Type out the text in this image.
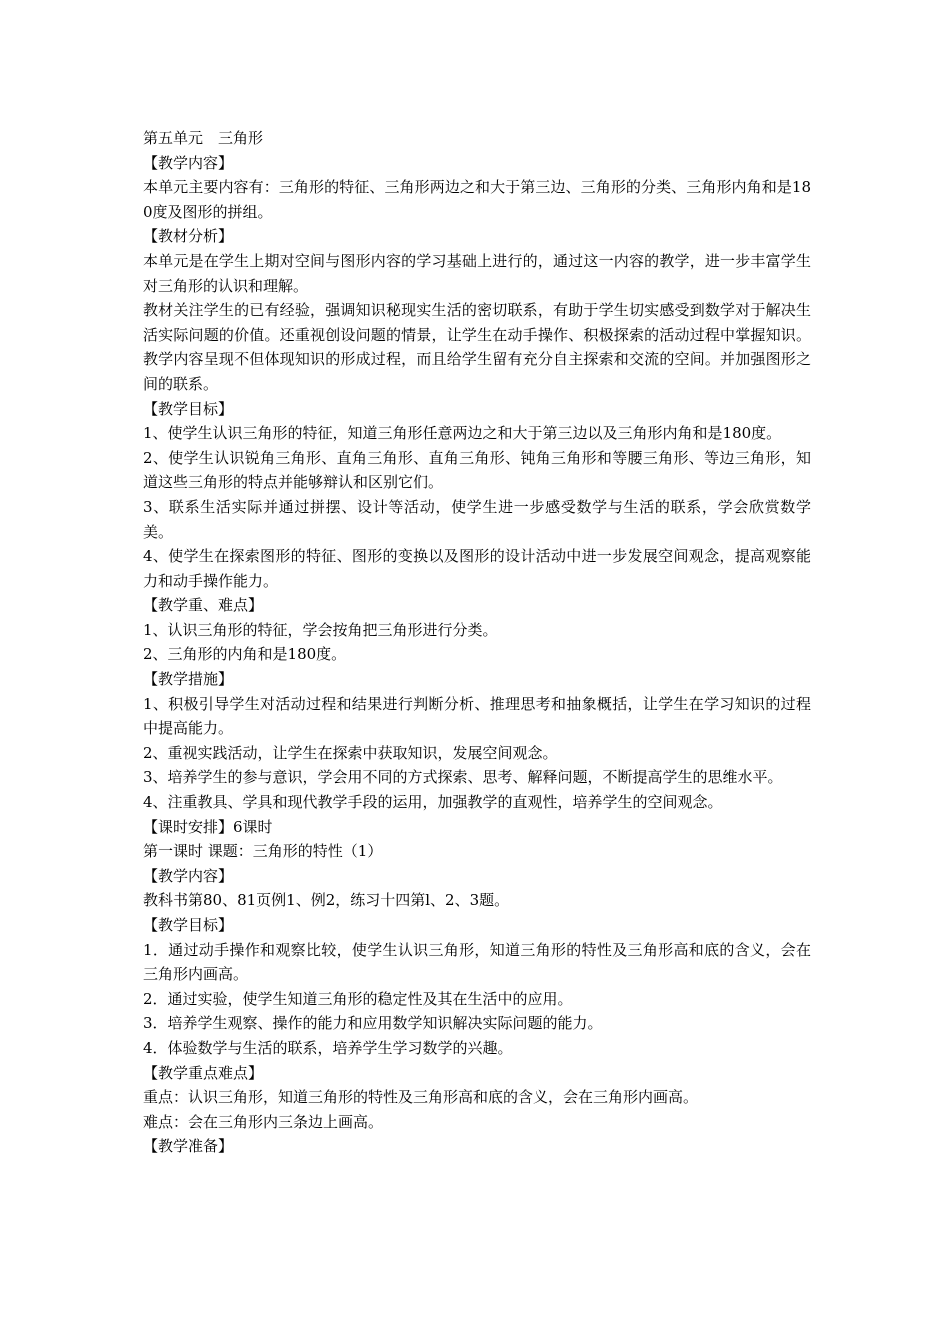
第五单元　三角形

【教学内容】

本单元主要内容有：三角形的特征、三角形两边之和大于第三边、三角形的分类、三角形内角和是180度及图形的拼组。

【教材分析】

本单元是在学生上期对空间与图形内容的学习基础上进行的，通过这一内容的教学，进一步丰富学生对三角形的认识和理解。

教材关注学生的已有经验，强调知识秘现实生活的密切联系，有助于学生切实感受到数学对于解决生活实际问题的价值。还重视创设问题的情景，让学生在动手操作、积极探索的活动过程中掌握知识。教学内容呈现不但体现知识的形成过程，而且给学生留有充分自主探索和交流的空间。并加强图形之间的联系。

【教学目标】

1、使学生认识三角形的特征，知道三角形任意两边之和大于第三边以及三角形内角和是180度。

2、使学生认识锐角三角形、直角三角形、直角三角形、钝角三角形和等腰三角形、等边三角形，知道这些三角形的特点并能够辩认和区别它们。

3、联系生活实际并通过拼摆、设计等活动，使学生进一步感受数学与生活的联系，学会欣赏数学美。

4、使学生在探索图形的特征、图形的变换以及图形的设计活动中进一步发展空间观念，提高观察能力和动手操作能力。

【教学重、难点】

1、认识三角形的特征，学会按角把三角形进行分类。

2、三角形的内角和是180度。

【教学措施】

1、积极引导学生对活动过程和结果进行判断分析、推理思考和抽象概括，让学生在学习知识的过程中提高能力。

2、重视实践活动，让学生在探索中获取知识，发展空间观念。

3、培养学生的参与意识，学会用不同的方式探索、思考、解释问题，不断提高学生的思维水平。

4、注重教具、学具和现代教学手段的运用，加强教学的直观性，培养学生的空间观念。

【课时安排】6课时

第一课时 课题：三角形的特性（1）

【教学内容】

教科书第80、81页例1、例2，练习十四第l、2、3题。

【教学目标】

1．通过动手操作和观察比较，使学生认识三角形，知道三角形的特性及三角形高和底的含义，会在三角形内画高。

2．通过实验，使学生知道三角形的稳定性及其在生活中的应用。

3．培养学生观察、操作的能力和应用数学知识解决实际问题的能力。

4．体验数学与生活的联系，培养学生学习数学的兴趣。

【教学重点难点】

重点：认识三角形，知道三角形的特性及三角形高和底的含义，会在三角形内画高。

难点：会在三角形内三条边上画高。

【教学准备】
